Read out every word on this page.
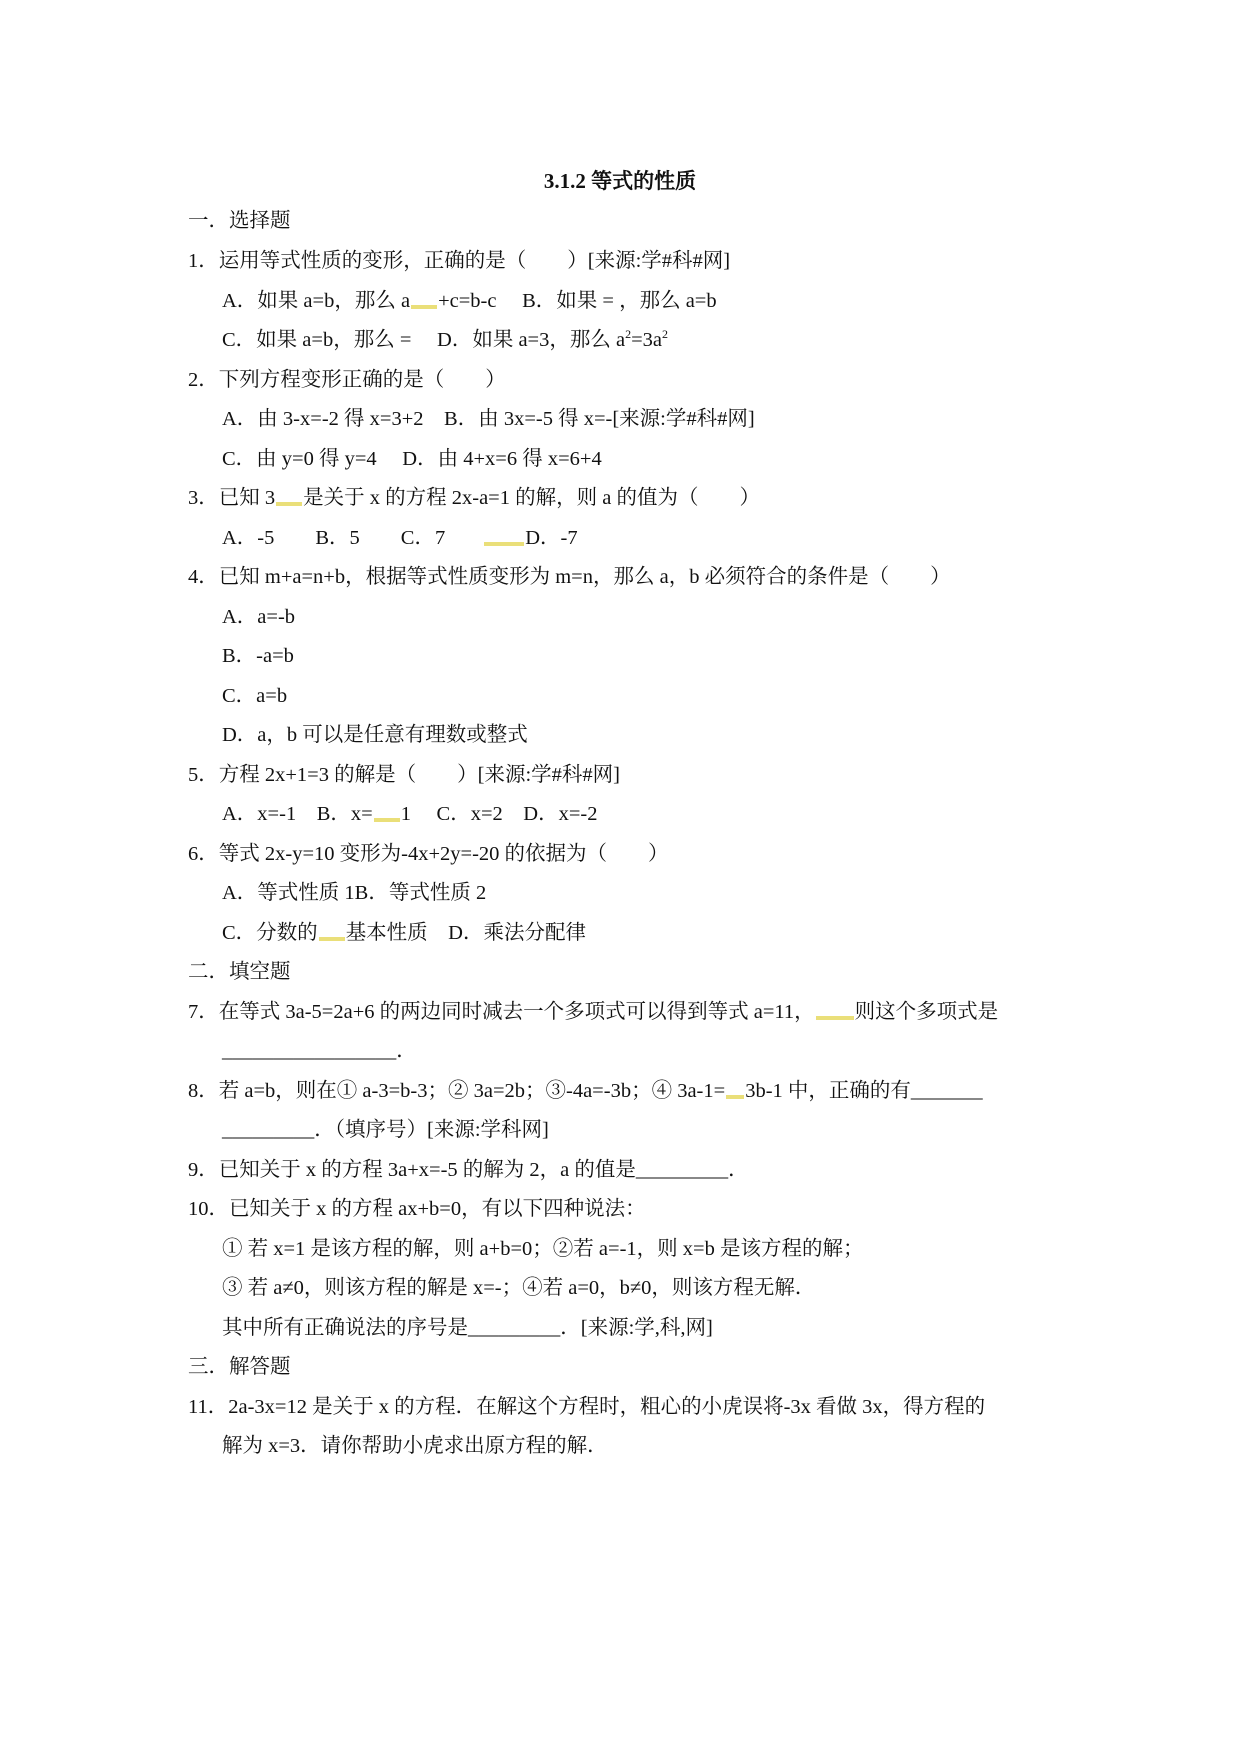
3.1.2 等式的性质
一．选择题
1．运用等式性质的变形，正确的是（　　）[来源:学#科#网]
A．如果 a=b，那么 a +c=b-c　 B．如果 = ，那么 a=b
C．如果 a=b，那么 =　 D．如果 a=3，那么 $a^2=3a^2$
2．下列方程变形正确的是（　　）
A．由 3-x=-2 得 x=3+2　B．由 3x=-5 得 x=-[来源:学#科#网]
C．由 y=0 得 y=4　 D．由 4+x=6 得 x=6+4
3．已知 3 是关于 x 的方程 2x-a=1 的解，则 a 的值为（　　）
A．-5　　B．5　　C．7	D．-7
4．已知 m+a=n+b，根据等式性质变形为 m=n，那么 a，b 必须符合的条件是（　　）
A．a=-b
B．-a=b
C．a=b
D．a，b 可以是任意有理数或整式
5．方程 2x+1=3 的解是（　　）[来源:学#科#网]
A．x=-1　B．x= 1　 C．x=2　D．x=-2
6．等式 2x-y=10 变形为-4x+2y=-20 的依据为（　　）
A．等式性质 1B．等式性质 2
C．分数的 基本性质　D．乘法分配律
二．填空题
7．在等式 3a-5=2a+6 的两边同时减去一个多项式可以得到等式 a=11， 则这个多项式是
_________________．
8．若 a=b，则在① a-3=b-3；② 3a=2b；③-4a=-3b；④ 3a-1= 3b-1 中，正确的有_______
_________．（填序号）[来源:学科网]
9．已知关于 x 的方程 3a+x=-5 的解为 2，a 的值是_________．
10．已知关于 x 的方程 ax+b=0，有以下四种说法：
① 若 x=1 是该方程的解，则 a+b=0；②若 a=-1，则 x=b 是该方程的解；
③ 若 a≠0，则该方程的解是 x=-；④若 a=0，b≠0，则该方程无解．
其中所有正确说法的序号是_________．[来源:学,科,网]
三．解答题
11．2a-3x=12 是关于 x 的方程．在解这个方程时，粗心的小虎误将-3x 看做 3x，得方程的
解为 x=3．请你帮助小虎求出原方程的解．
